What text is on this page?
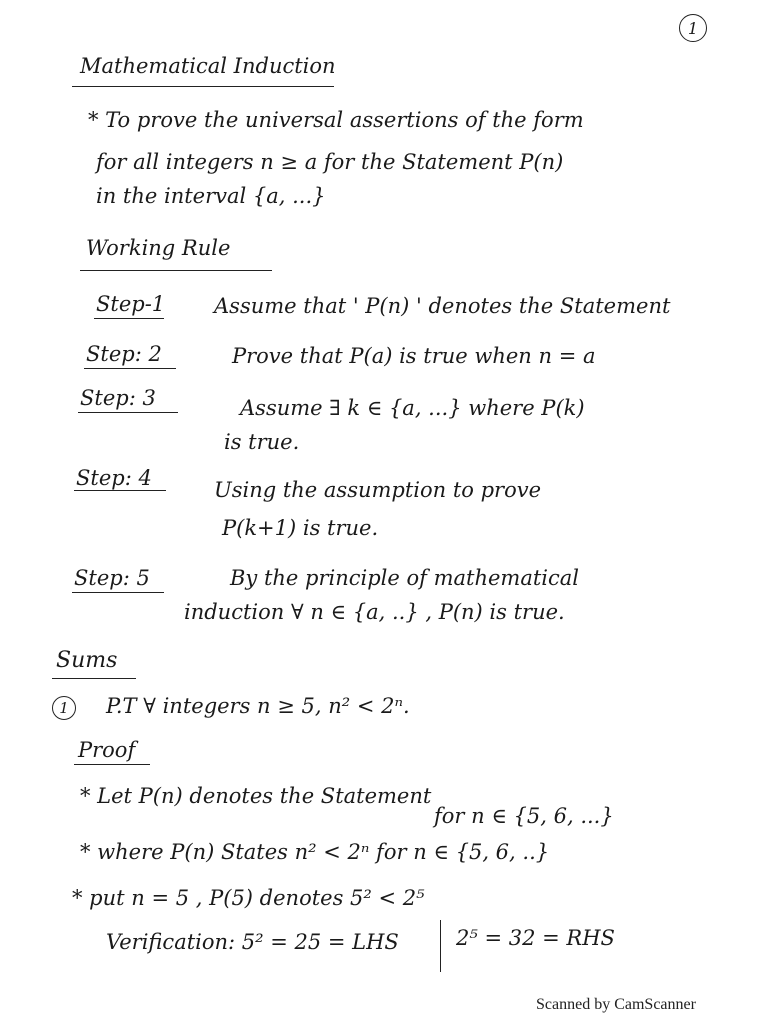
1
Mathematical Induction
* To prove the universal assertions of the form
for all integers n ≥ a for the Statement P(n)
in the interval {a, ...}
Working Rule
Step-1 Assume that ' P(n) ' denotes the Statement
Step: 2	Prove that P(a) is true when n = a
Step: 3	Assume ∃ k ∈ {a, ...} where P(k)
is true.
Step: 4	Using the assumption to prove
P(k+1) is true.
Step: 5	By the principle of mathematical
induction ∀ n ∈ {a, ..} , P(n) is true.
Sums
1	P.T ∀ integers n ≥ 5, n² < 2ⁿ.
Proof
* Let P(n) denotes the Statement
for n ∈ {5, 6, ...}
* where P(n) States n² < 2ⁿ for n ∈ {5, 6, ..}
* put n = 5 , P(5) denotes 5² < 2⁵
Verification: 5² = 25 = LHS	2⁵ = 32 = RHS
Scanned by CamScanner
